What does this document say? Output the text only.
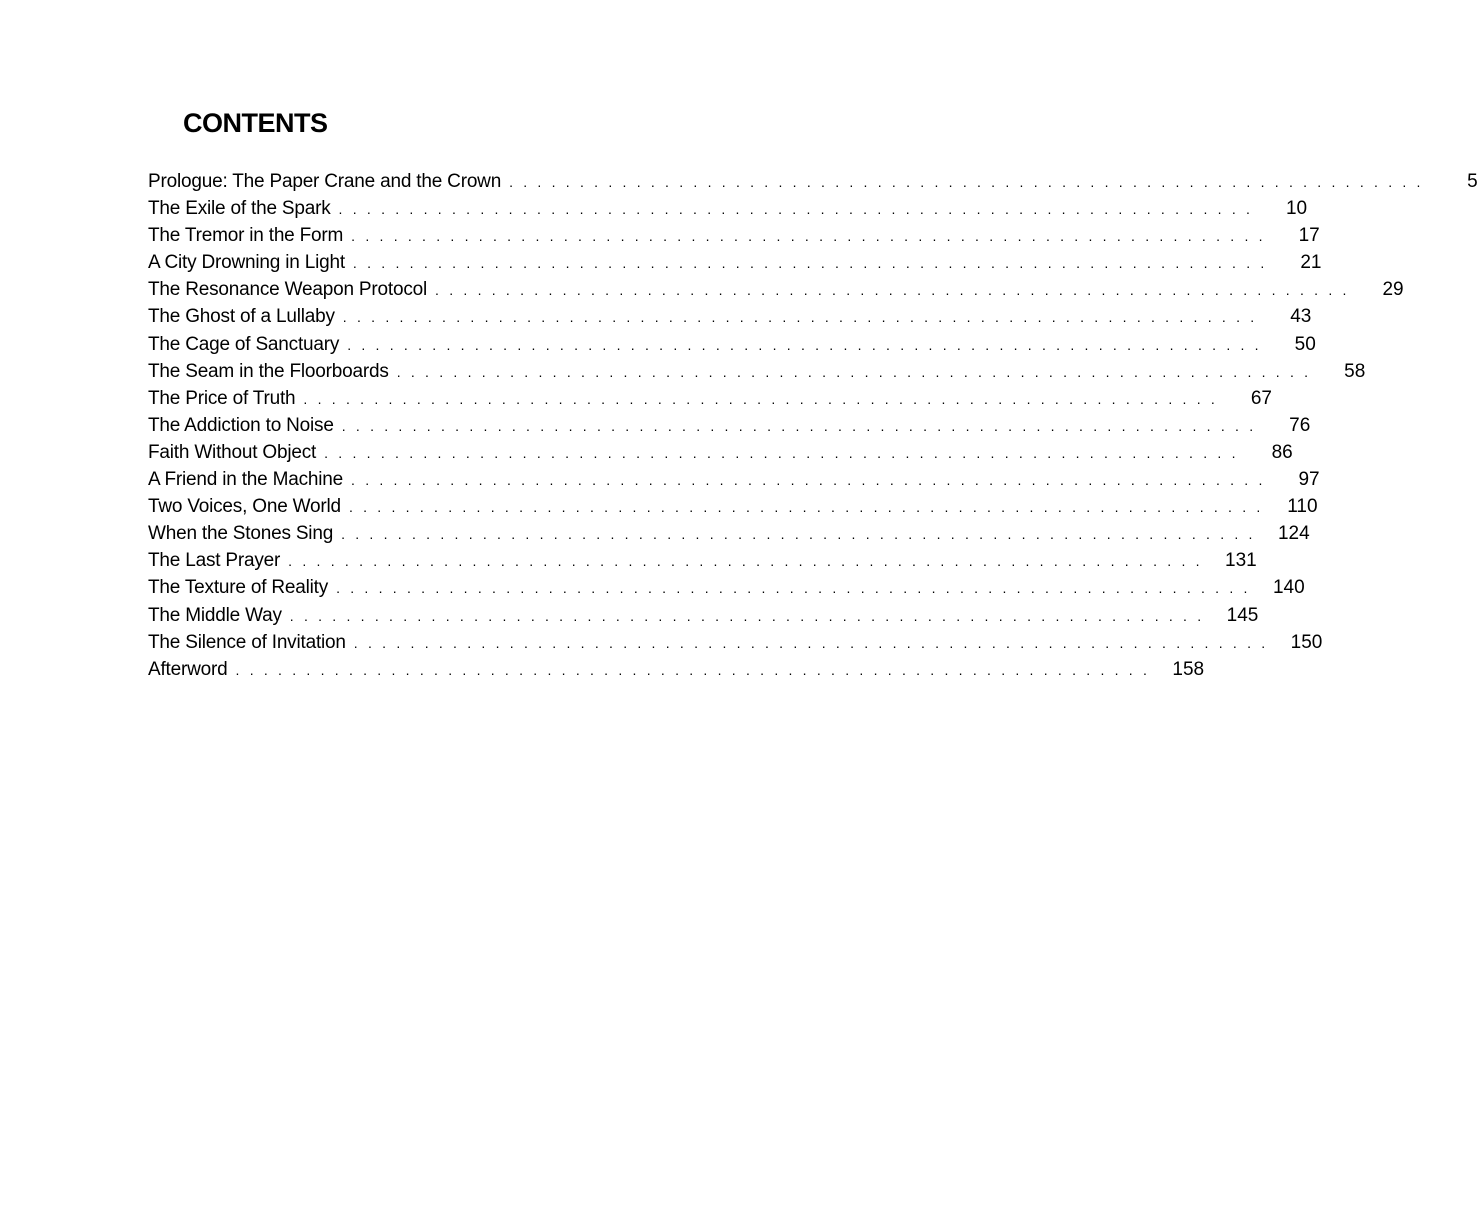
CONTENTS
Prologue: The Paper Crane and the Crown . . . . . . . . . . . . . . . . . . . . . . . . . . . . . . . . . . . . . . . . . . . . . . . . . . . . . . . . . . . . . . . . .	5
The Exile of the Spark . . . . . . . . . . . . . . . . . . . . . . . . . . . . . . . . . . . . . . . . . . . . . . . . . . . . . . . . . . . . . . . . .	10
The Tremor in the Form . . . . . . . . . . . . . . . . . . . . . . . . . . . . . . . . . . . . . . . . . . . . . . . . . . . . . . . . . . . . . . . . .	17
A City Drowning in Light . . . . . . . . . . . . . . . . . . . . . . . . . . . . . . . . . . . . . . . . . . . . . . . . . . . . . . . . . . . . . . . . .	21
The Resonance Weapon Protocol . . . . . . . . . . . . . . . . . . . . . . . . . . . . . . . . . . . . . . . . . . . . . . . . . . . . . . . . . . . . . . . . .	29
The Ghost of a Lullaby . . . . . . . . . . . . . . . . . . . . . . . . . . . . . . . . . . . . . . . . . . . . . . . . . . . . . . . . . . . . . . . . .	43
The Cage of Sanctuary . . . . . . . . . . . . . . . . . . . . . . . . . . . . . . . . . . . . . . . . . . . . . . . . . . . . . . . . . . . . . . . . .	50
The Seam in the Floorboards . . . . . . . . . . . . . . . . . . . . . . . . . . . . . . . . . . . . . . . . . . . . . . . . . . . . . . . . . . . . . . . . .	58
The Price of Truth . . . . . . . . . . . . . . . . . . . . . . . . . . . . . . . . . . . . . . . . . . . . . . . . . . . . . . . . . . . . . . . . .	67
The Addiction to Noise . . . . . . . . . . . . . . . . . . . . . . . . . . . . . . . . . . . . . . . . . . . . . . . . . . . . . . . . . . . . . . . . .	76
Faith Without Object . . . . . . . . . . . . . . . . . . . . . . . . . . . . . . . . . . . . . . . . . . . . . . . . . . . . . . . . . . . . . . . . .	86
A Friend in the Machine . . . . . . . . . . . . . . . . . . . . . . . . . . . . . . . . . . . . . . . . . . . . . . . . . . . . . . . . . . . . . . . . .	97
Two Voices, One World . . . . . . . . . . . . . . . . . . . . . . . . . . . . . . . . . . . . . . . . . . . . . . . . . . . . . . . . . . . . . . . . .	110
When the Stones Sing . . . . . . . . . . . . . . . . . . . . . . . . . . . . . . . . . . . . . . . . . . . . . . . . . . . . . . . . . . . . . . . . .	124
The Last Prayer . . . . . . . . . . . . . . . . . . . . . . . . . . . . . . . . . . . . . . . . . . . . . . . . . . . . . . . . . . . . . . . . .	131
The Texture of Reality . . . . . . . . . . . . . . . . . . . . . . . . . . . . . . . . . . . . . . . . . . . . . . . . . . . . . . . . . . . . . . . . .	140
The Middle Way . . . . . . . . . . . . . . . . . . . . . . . . . . . . . . . . . . . . . . . . . . . . . . . . . . . . . . . . . . . . . . . . .	145
The Silence of Invitation . . . . . . . . . . . . . . . . . . . . . . . . . . . . . . . . . . . . . . . . . . . . . . . . . . . . . . . . . . . . . . . . .	150
Afterword . . . . . . . . . . . . . . . . . . . . . . . . . . . . . . . . . . . . . . . . . . . . . . . . . . . . . . . . . . . . . . . . .	158
